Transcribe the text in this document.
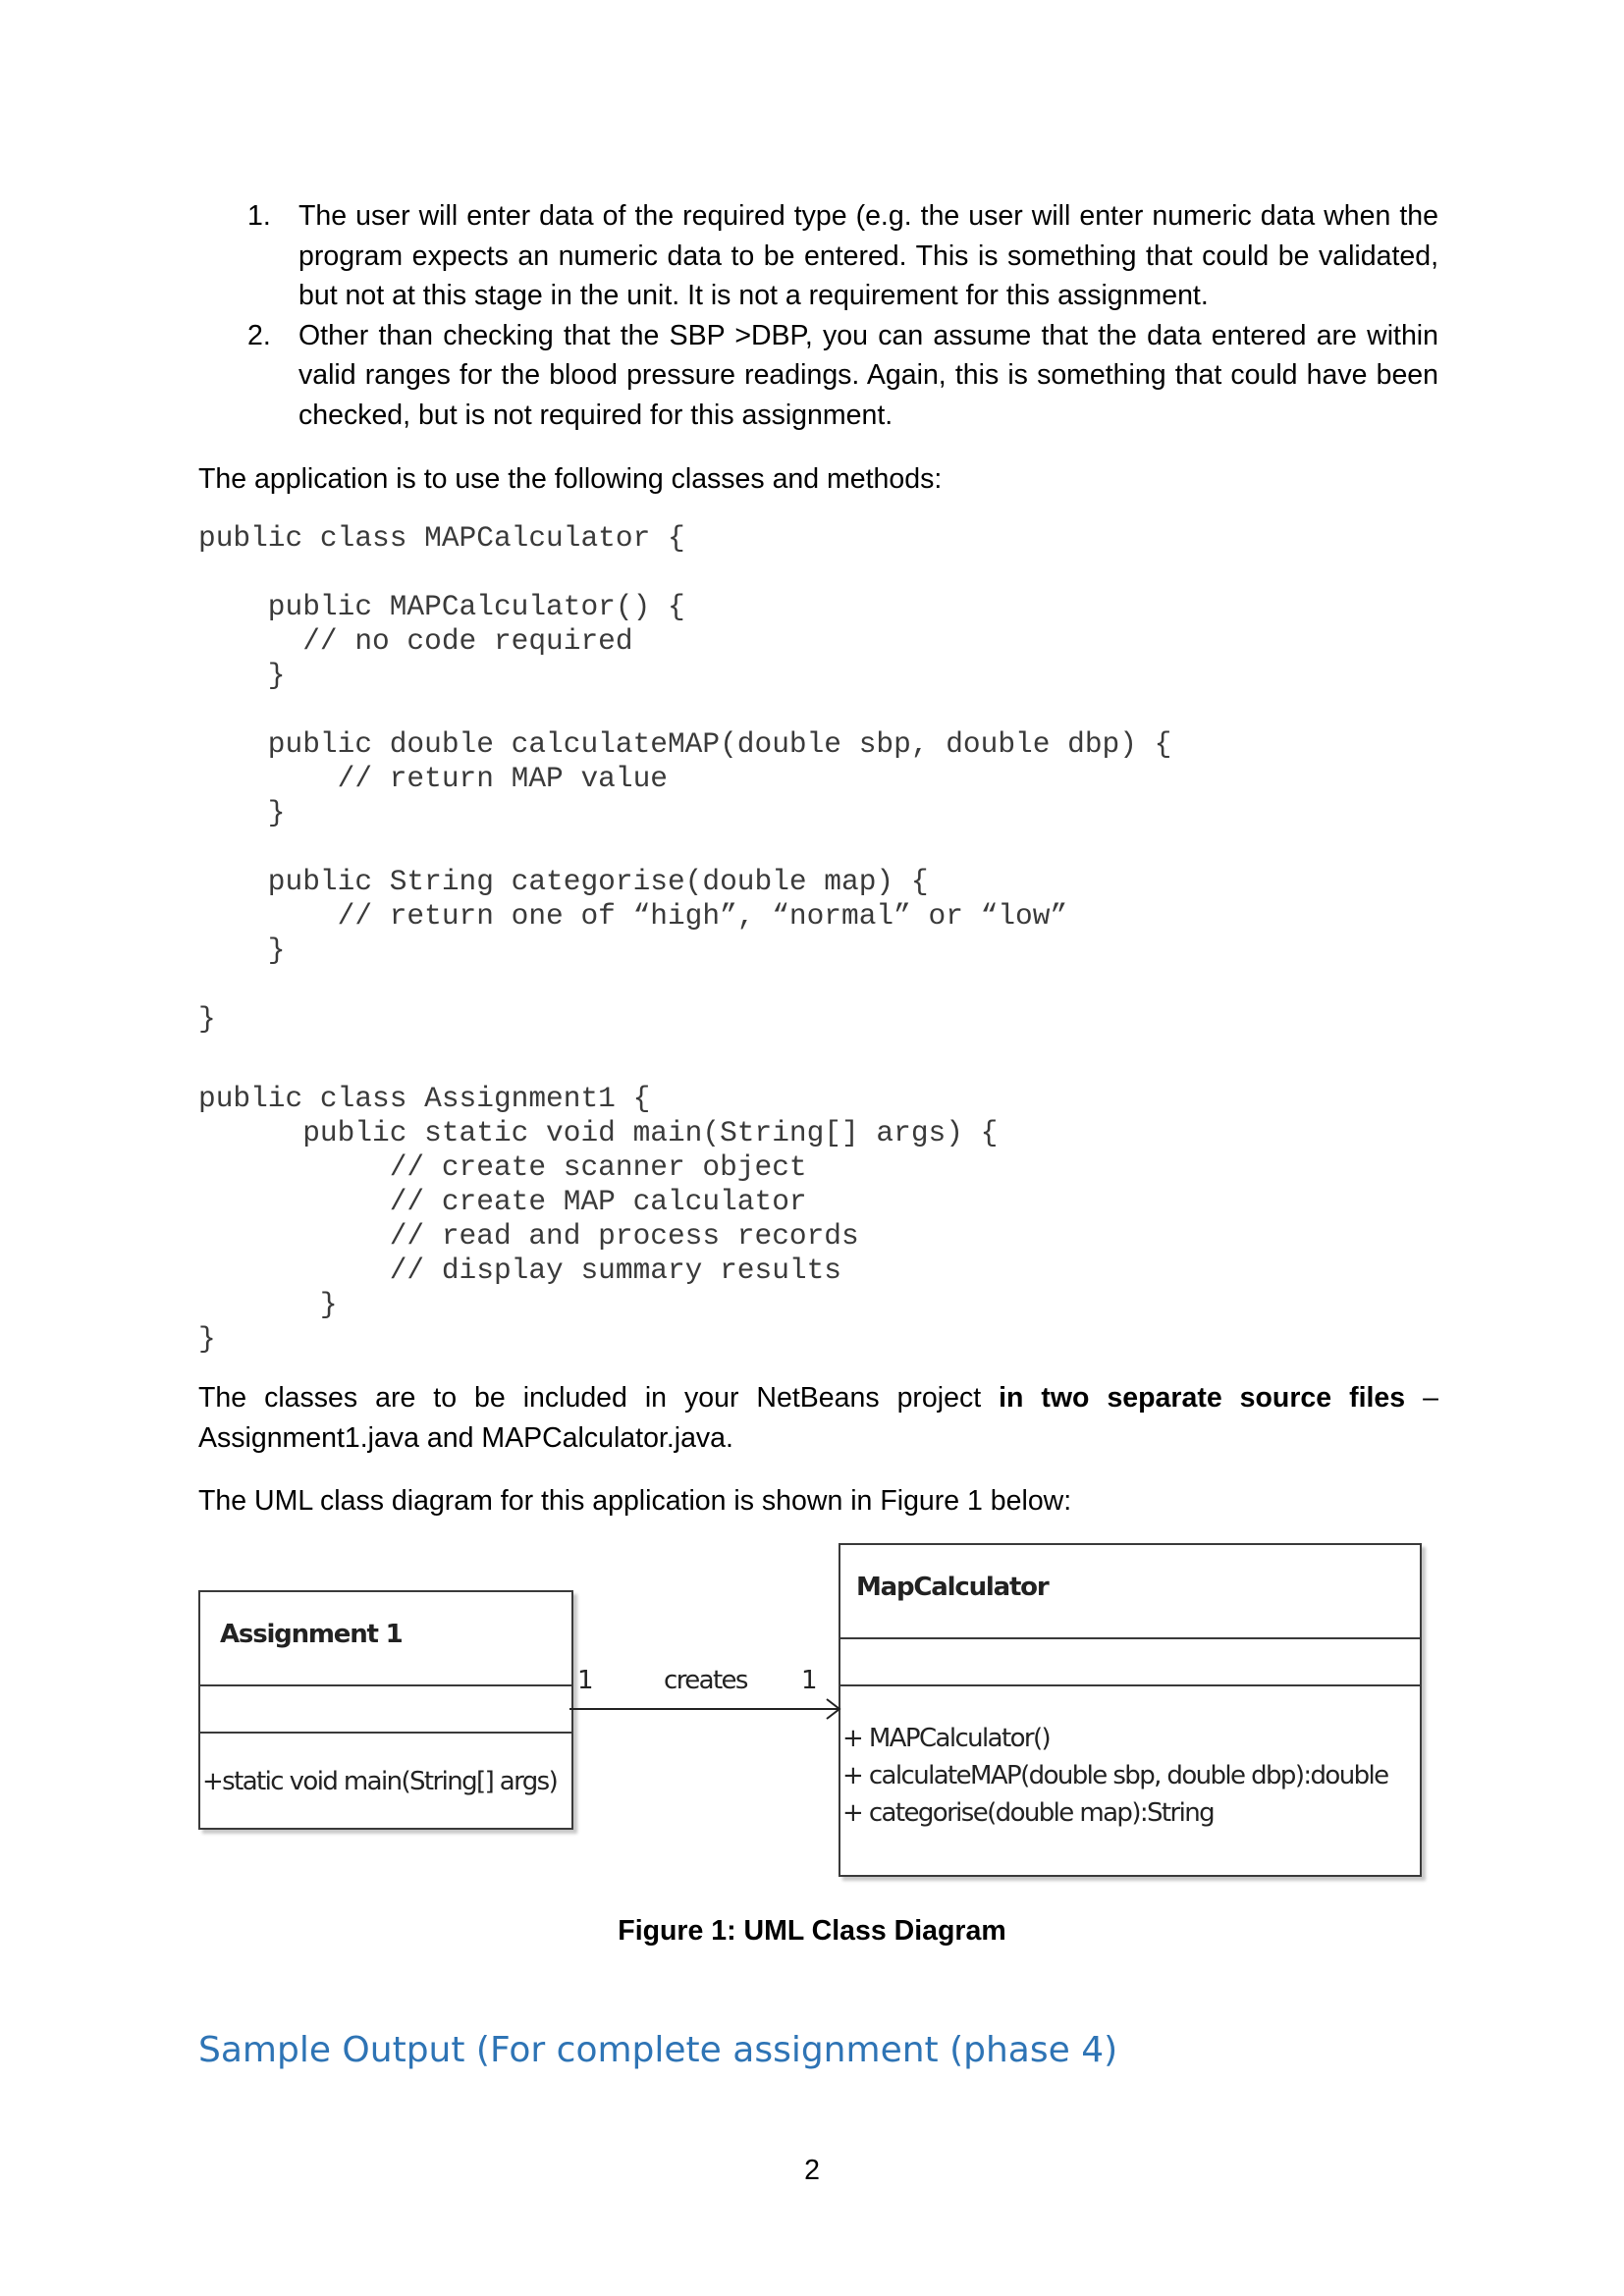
1. The user will enter data of the required type (e.g. the user will enter numeric data when the program expects an numeric data to be entered. This is something that could be validated, but not at this stage in the unit. It is not a requirement for this assignment.
2. Other than checking that the SBP >DBP, you can assume that the data entered are within valid ranges for the blood pressure readings. Again, this is something that could have been checked, but is not required for this assignment.
The application is to use the following classes and methods:
public class MAPCalculator {

public MAPCalculator() {
// no code required
}

public double calculateMAP(double sbp, double dbp) {
// return MAP value
}

public String categorise(double map) {
// return one of “high”, “normal” or “low”
}

}
public class Assignment1 {
public static void main(String[] args) {
// create scanner object
// create MAP calculator
// read and process records
// display summary results
}
}
The classes are to be included in your NetBeans project in two separate source files – Assignment1.java and MAPCalculator.java.
The UML class diagram for this application is shown in Figure 1 below:
Assignment 1
+static void main(String[] args)
MapCalculator
+ MAPCalculator()
+ calculateMAP(double sbp, double dbp):double
+ categorise(double map):String
1	creates 1
Figure 1: UML Class Diagram
Sample Output (For complete assignment (phase 4)
2
